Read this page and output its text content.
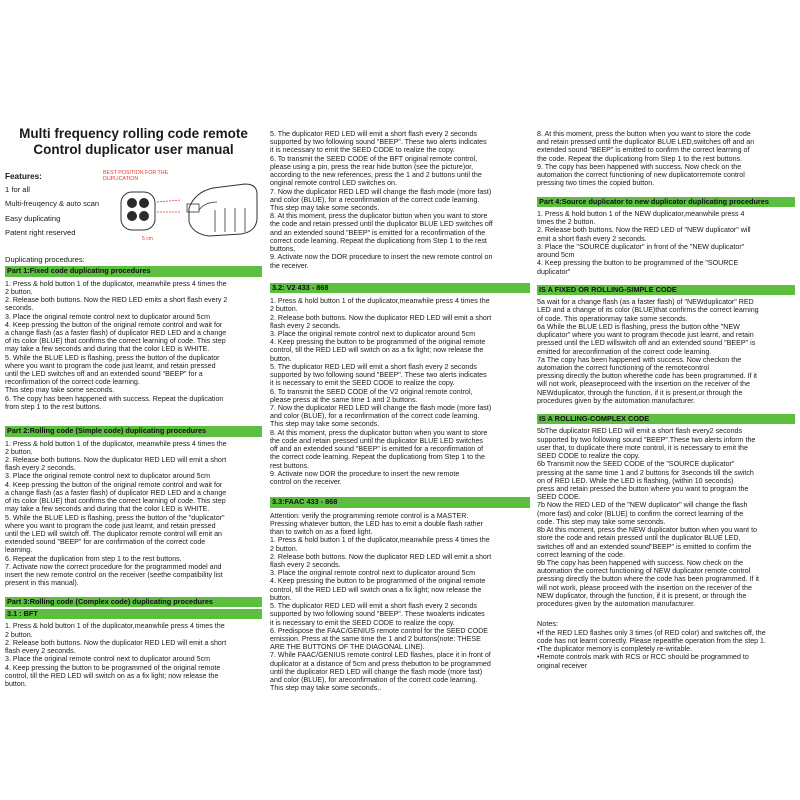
Multi frequency rolling code remote
Control duplicator user manual
Features:
1 for all
Multi-freuqency & auto scan
Easy duplicating
Patent right reserved
BEST POSITION FOR THE
DUPLICATION
5 cm
Duplicating procedures:
Part 1:Fixed code duplicating procedures
1. Press & hold button 1 of the duplicator, meanwhile press 4 times the
2 button.
2. Release both buttons. Now the RED LED emits a short flash every 2
seconds.
3. Place the original remote control next to duplicator around 5cm
4. Keep pressing the button of the original remote control and wait for
a change flash (as a faster flash) of duplicator RED LED and a change
of its color (BLUE) that confirms the correct learning of code. This step
may take a few seconds and during that the color LED is WHITE.
5. While the BLUE LED is flashing, press the button of the duplicator
where you want to program the code just learnt, and retain pressed
until the LED switches off and an extended sound "BEEP" for a
reconfirmation of the correct code learning.
This step may take some seconds.
6. The copy has been happened with success. Repeat the duplication
from step 1 to the rest buttons.
Part 2:Rolling code (Simple code) duplicating procedures
1. Press & hold button 1 of the duplicator, meanwhile press 4 times the
2 button.
2. Release both buttons. Now the duplicator RED LED will emit a short
flash every 2 seconds.
3. Place the original remote control next to duplicator around 5cm
4. Keep pressing the button of the original remote control and wait for
a change flash (as a faster flash) of duplicator RED LED and a change
of its color (BLUE) that confirms the correct learning of code. This step
may take a few seconds and during that the color LED is WHITE.
5. While the BLUE LED is flashing, press the button of the "duplicator"
where you want to program the code just learnt, and retain pressed
until the LED will switch off. The duplicator remote control will emit an
extended sound "BEEP" for are confirmation of the correct code
learning.
6. Repeat the duplication from step 1 to the rest buttons.
7. Activate now the correct procedure for the programmed model and
insert the new remote control on the receiver (seethe compatibility list
present in this manual).
Part 3:Rolling code (Complex code) duplicating procedures
3.1 : BFT
1. Press & hold button 1 of the duplicator,meanwhile press 4 times the
2 button.
2. Release both buttons. Now the duplicator RED LED will emit a short
flash every 2 seconds.
3. Place the original remote control next to duplicator around 5cm
4. Keep pressing the button to be programmed of the original remote
control, till the RED LED will switch on as a fix light; now release the
button.
5. The duplicator RED LED will emit a short flash every 2 seconds
supported by two following sound "BEEP". These two alerts indicates
it is necessary to emit the SEED CODE to realize the copy.
6. To transmit the SEED CODE of the BFT original remote control,
please using a pin, press the rear hide button (see the picture)or,
according to the new references, press the 1 and 2 buttons until the
original remote control LED switches on.
7. Now the duplicator RED LED will change the flash mode (more fast)
and color (BLUE), for a reconfirmation of the correct code learning.
This step may take some seconds.
8. At this moment, press the duplicator button when you want to store
the code and retain pressed until the duplicator BLUE LED switches off
and an extended sound "BEEP" is emitted for a reconfirmation of the
correct code learning. Repeat the duplicationg from Step 1 to the rest
buttons.
9. Activate now the DOR procedure to insert the new remote control on
the receiver.
3.2: V2 433 - 868
1. Press & hold button 1 of the duplicator,meanwhile press 4 times the
2 button.
2. Release both buttons. Now the duplicator RED LED will emit a short
flash every 2 seconds.
3. Place the original remote control next to duplicator around 5cm
4. Keep pressing the button to be programmed of the original remote
control, till the RED LED will switch on as a fix light; now release the
button.
5. The duplicator RED LED will emit a short flash every 2 seconds
supported by two following sound "BEEP". These two alerts indicates
it is necessary to emit the SEED CODE to realize the copy.
6. To transmit the SEED CODE of the V2 original remote control,
please press at the same time 1 and 2 buttons.
7. Now the duplicator RED LED will change the flash mode (more fast)
and color (BLUE), for a reconfirmation of the correct code learning.
This step may take some seconds.
8. At this moment, press the duplicator button when you want to store
the code and retain pressed until the duplicator BLUE LED switches
off and an extended sound "BEEP" is emitted for a reconfirmation of
the correct code learning. Repeat the duplicationg from Step 1 to the
rest buttons.
9. Activate now DOR the procedure to insert the new remote
control on the receiver.
3.3:FAAC 433 - 868
Attention: verify the programming remote control is a MASTER.
Pressing whatever button, the LED has to emit a double flash rather
than to switch on as a fixed light.
1. Press & hold button 1 of the duplicator,meanwhile press 4 times the
2 button.
2. Release both buttons. Now the duplicator RED LED will emit a short
flash every 2 seconds.
3. Place the original remote control next to duplicator around 5cm
4. Keep pressing the button to be programmed of the original remote
control, till the RED LED will switch onas a fix light; now release the
button.
5. The duplicator RED LED will emit a short flash every 2 seconds
supported by two following sound "BEEP". These twoalerts indicates
it is necessary to emit the SEED CODE to realize the copy.
6. Predispose the FAAC/GENIUS remote control for the SEED CODE
emission. Press at the same time the 1 and 2 buttons(note: THESE
ARE THE BUTTONS OF THE DIAGONAL LINE).
7. While FAAC/GENIUS remote control LED flashes, place it in front of
duplicator at a distance of 5cm and press thebutton to be programmed
until the duplicator RED LED will change the flash mode (more fast)
and color (BLUE), for areconfirmation of the correct code learning.
This step may take some seconds..
8. At this moment, press the button when you want to store the code
and retain pressed until the duplicator BLUE LED,switches off and an
extended sound "BEEP" is emitted to confirm the correct learning of
the code. Repeat the duplicationg from Step 1 to the rest buttons.
9. The copy has been happened with success. Now check on the
automation the correct functioning of new duplicatorremote control
pressing two times the copied button.
Part 4:Source duplicator to new duplicator duplicating procedures
1. Press & hold button 1 of the NEW duplicator,meanwhile press 4
times the 2 button.
2. Release both buttons. Now the RED LED of "NEW duplicator" will
emit a short flash every 2 seconds.
3. Place the "SOURCE duplicator" in front of the "NEW duplicator"
around 5cm
4. Keep pressing the button to be programmed of the "SOURCE
duplicator"
IS A FIXED OR ROLLING-SIMPLE CODE
5a wait for a change flash (as a faster flash) of "NEWduplicator" RED
LED and a change of its color (BLUE)that confirms the correct learning
of code. This operationmay take some seconds.
6a While the BLUE LED is flashing, press the button ofthe "NEW
duplicator" where you want to program thecode just learnt, and retain
pressed until the LED willswitch off and an extended sound "BEEP" is
emitted for areconfirmation of the correct code learning.
7a The copy has been happened with success. Now checkon the
automation the correct functioning of the remotecontrol
pressing directly the button wherethe code has been programmed. If it
will not work, pleaseproceed with the insertion on the receiver of the
NEWduplicator, through the function, if it is present,or through the
procedures given by the automation manufacturer.
IS A ROLLING-COMPLEX CODE
5bThe duplicator RED LED will emit a short flash every2 seconds
supported by two following sound "BEEP".These two alerts inform the
user that, to duplicate there mote control, it is necessary to emit the
SEED CODE to realize the copy.
6b Transmit now the SEED CODE of the "SOURCE duplicator"
pressing at the same time 1 and 2 buttons for 3seconds till the switch
on of RED LED. While the LED is flashing, (within 10 seconds)
press and retain pressed the button where you want to program the
SEED CODE.
7b Now the RED LED of the "NEW duplicator" will change the flash
(more fast) and color (BLUE) to confirm the correct learning of the
code. This step may take some seconds.
8b At this moment, press the NEW duplicator button when you want to
store the code and retain pressed until the duplicator BLUE LED,
switches off and an extended sound"BEEP" is emitted to confirm the
correct learning of the code.
9b The copy has been happened with success. Now check on the
automation the correct functioning of NEW duplicator remote control
pressing directly the button where the code has been programmed. If it
will not work, please proceed with the insertion on the receiver of the
NEW duplicator, through the function, if it is present, or through the
procedures given by the automation manufacturer.
Notes:
•If the RED LED flashes only 3 times (of RED color) and switches off, the
code has not learnt correctly. Please repeatthe operation from the step 1.
•The duplicator memory is completely re-writable.
•Remote controls mark with RCS or RCC should be programmed to
original receiver
